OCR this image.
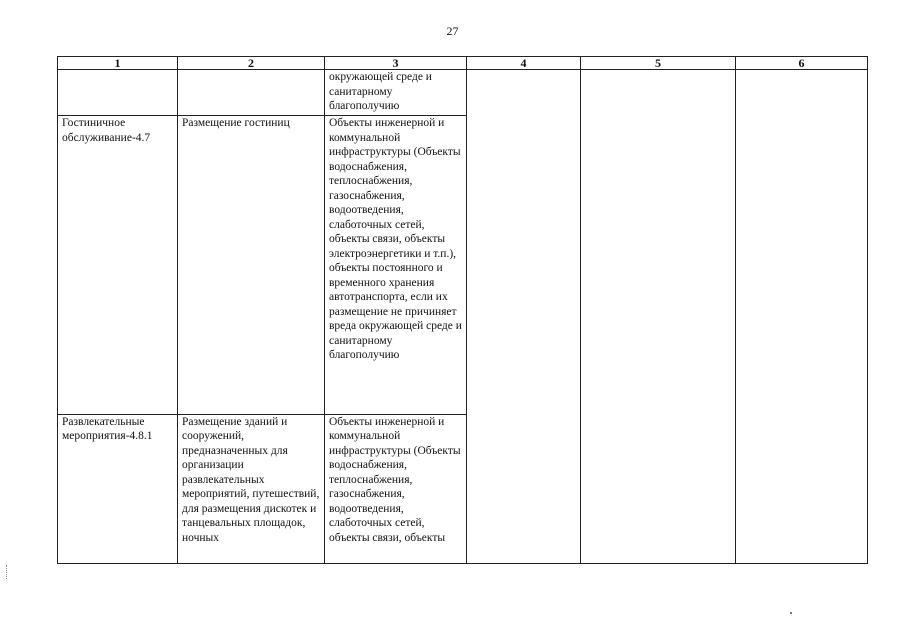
27
1	2	3	4	5	6
		окружающей среде и санитарному благополучию			
Гостиничное обслуживание-4.7	Размещение гостиниц	Объекты инженерной и коммунальной инфраструктуры (Объекты водоснабжения, теплоснабжения, газоснабжения, водоотведения, слаботочных сетей, объекты связи, объекты электроэнергетики и т.п.), объекты постоянного и временного хранения автотранспорта, если их размещение не причиняет вреда окружающей среде и санитарному благополучию			
Развлекательные мероприятия-4.8.1	Размещение зданий и сооружений, предназначенных для организации развлекательных мероприятий, путешествий, для размещения дискотек и танцевальных площадок, ночных	Объекты инженерной и коммунальной инфраструктуры (Объекты водоснабжения, теплоснабжения, газоснабжения, водоотведения, слаботочных сетей, объекты связи, объекты			
